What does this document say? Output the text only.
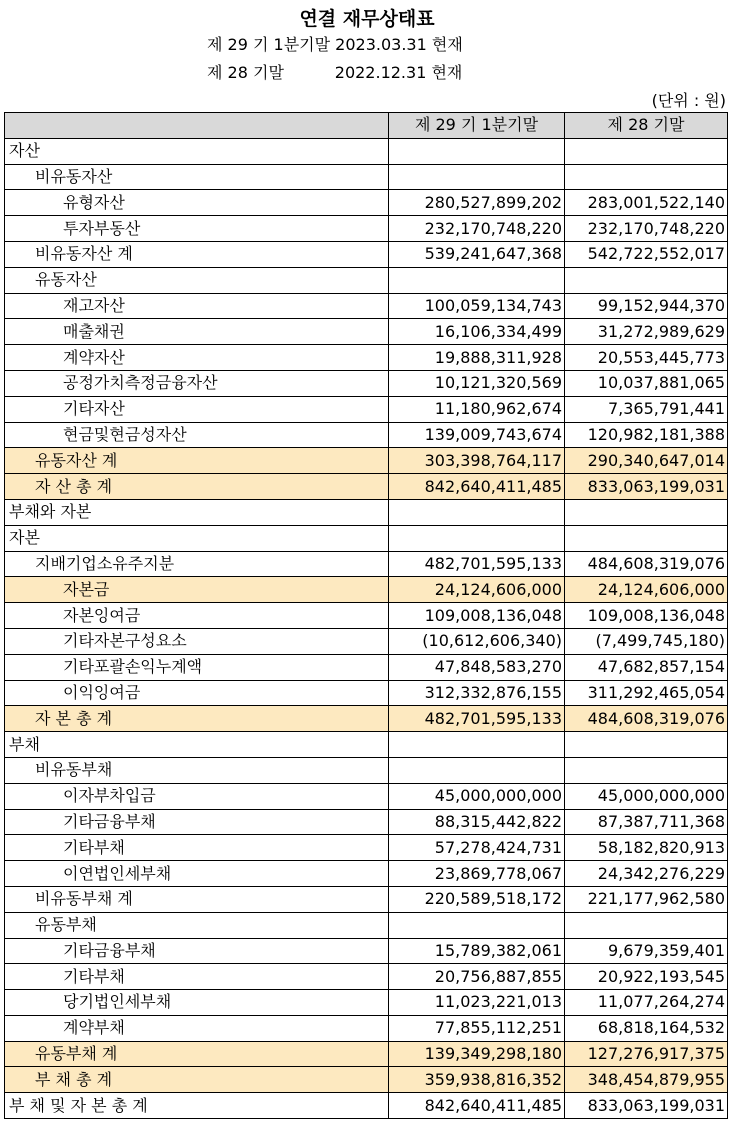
연결 재무상태표
제 29 기 1분기말 2023.03.31 현재
제 28 기말          2022.12.31 현재
(단위 : 원)
	제 29 기 1분기말	제 28 기말
자산		
비유동자산		
유형자산	280,527,899,202	283,001,522,140
투자부동산	232,170,748,220	232,170,748,220
비유동자산 계	539,241,647,368	542,722,552,017
유동자산		
재고자산	100,059,134,743	99,152,944,370
매출채권	16,106,334,499	31,272,989,629
계약자산	19,888,311,928	20,553,445,773
공정가치측정금융자산	10,121,320,569	10,037,881,065
기타자산	11,180,962,674	7,365,791,441
현금및현금성자산	139,009,743,674	120,982,181,388
유동자산 계	303,398,764,117	290,340,647,014
자 산 총 계	842,640,411,485	833,063,199,031
부채와 자본		
자본		
지배기업소유주지분	482,701,595,133	484,608,319,076
자본금	24,124,606,000	24,124,606,000
자본잉여금	109,008,136,048	109,008,136,048
기타자본구성요소	(10,612,606,340)	(7,499,745,180)
기타포괄손익누계액	47,848,583,270	47,682,857,154
이익잉여금	312,332,876,155	311,292,465,054
자 본 총 계	482,701,595,133	484,608,319,076
부채		
비유동부채		
이자부차입금	45,000,000,000	45,000,000,000
기타금융부채	88,315,442,822	87,387,711,368
기타부채	57,278,424,731	58,182,820,913
이연법인세부채	23,869,778,067	24,342,276,229
비유동부채 계	220,589,518,172	221,177,962,580
유동부채		
기타금융부채	15,789,382,061	9,679,359,401
기타부채	20,756,887,855	20,922,193,545
당기법인세부채	11,023,221,013	11,077,264,274
계약부채	77,855,112,251	68,818,164,532
유동부채 계	139,349,298,180	127,276,917,375
부 채 총 계	359,938,816,352	348,454,879,955
부 채 및 자 본 총 계	842,640,411,485	833,063,199,031
